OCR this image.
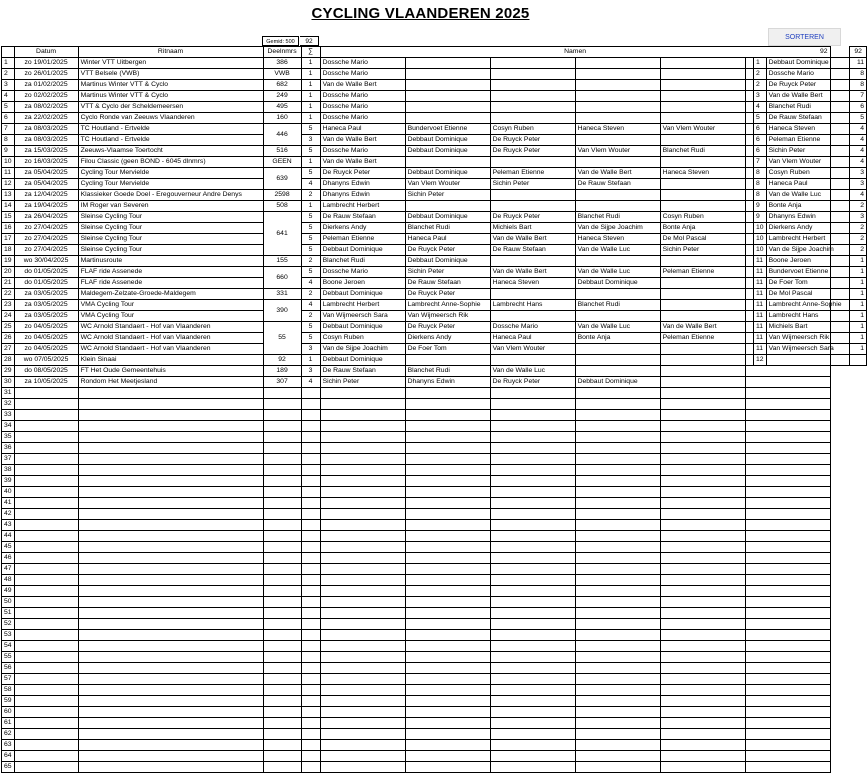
CYCLING VLAANDEREN 2025
Gemid: 500	92
SORTEREN
	Datum	Ritnaam	Deelnmrs	∑	Namen 92					

1	zo 19/01/2025	Winter VTT Uitbergen	386	1	Dossche Mario					
2	zo 26/01/2025	VTT Belsele (VWB)	VWB	1	Dossche Mario					
3	za 01/02/2025	Martinus Winter VTT & Cyclo	682	1	Van de Walle Bert					
4	zo 02/02/2025	Martinus Winter VTT & Cyclo	249	1	Dossche Mario					
5	za 08/02/2025	VTT & Cyclo der Scheldemeersen	495	1	Dossche Mario					
6	za 22/02/2025	Cyclo Ronde van Zeeuws Vlaanderen	160	1	Dossche Mario					
7	za 08/03/2025	TC Houtland - Ertvelde	446	5	Haneca Paul	Bundervoet Etienne	Cosyn Ruben	Haneca Steven	Van Vlem Wouter	
8	za 08/03/2025	TC Houtland - Ertvelde		3	Van de Walle Bert	Debbaut Dominique	De Ruyck Peter			
9	za 15/03/2025	Zeeuws-Vlaamse Toertocht	516	5	Dossche Mario	Debbaut Dominique	De Ruyck Peter	Van Vlem Wouter	Blanchet Rudi	
10	zo 16/03/2025	Filou Classic (geen BOND - 6045 dlnmrs)	GEEN	1	Van de Walle Bert					
11	za 05/04/2025	Cycling Tour Mervielde	639	5	De Ruyck Peter	Debbaut Dominique	Peleman Etienne	Van de Walle Bert	Haneca Steven	
12	za 05/04/2025	Cycling Tour Mervielde		4	Dhanyns Edwin	Van Vlem Wouter	Sichin Peter	De Rauw Stefaan		
13	za 12/04/2025	Klassieker Goede Doel - Eregouverneur Andre Denys	2598	2	Dhanyns Edwin	Sichin Peter				
14	za 19/04/2025	IM Roger van Severen	508	1	Lambrecht Herbert					
15	za 26/04/2025	Sleinse Cycling Tour	641	5	De Rauw Stefaan	Debbaut Dominique	De Ruyck Peter	Blanchet Rudi	Cosyn Ruben	
16	zo 27/04/2025	Sleinse Cycling Tour		5	Dierkens Andy	Blanchet Rudi	Michiels Bart	Van de Sijpe Joachim	Bonte Anja	
17	zo 27/04/2025	Sleinse Cycling Tour		5	Peleman Etienne	Haneca Paul	Van de Walle Bert	Haneca Steven	De Mol Pascal	
18	zo 27/04/2025	Sleinse Cycling Tour		5	Debbaut Dominique	De Ruyck Peter	De Rauw Stefaan	Van de Walle Luc	Sichin Peter	
19	wo 30/04/2025	Martinusroute	155	2	Blanchet Rudi	Debbaut Dominique				
20	do 01/05/2025	FLAF ride Assenede	660	5	Dossche Mario	Sichin Peter	Van de Walle Bert	Van de Walle Luc	Peleman Etienne	
21	do 01/05/2025	FLAF ride Assenede		4	Boone Jeroen	De Rauw Stefaan	Haneca Steven	Debbaut Dominique		
22	za 03/05/2025	Maldegem-Zelzate-Groede-Maldegem	331	2	Debbaut Dominique	De Ruyck Peter				
23	za 03/05/2025	VMA Cycling Tour	390	4	Lambrecht Herbert	Lambrecht Anne-Sophie	Lambrecht Hans	Blanchet Rudi		
24	za 03/05/2025	VMA Cycling Tour		2	Van Wijmeersch Sara	Van Wijmeersch Rik				
25	zo 04/05/2025	WC Arnold Standaert - Hof van Vlaanderen	55	5	Debbaut Dominique	De Ruyck Peter	Dossche Mario	Van de Walle Luc	Van de Walle Bert	
26	zo 04/05/2025	WC Arnold Standaert - Hof van Vlaanderen		5	Cosyn Ruben	Dierkens Andy	Haneca Paul	Bonte Anja	Peleman Etienne	
27	zo 04/05/2025	WC Arnold Standaert - Hof van Vlaanderen		3	Van de Sijpe Joachim	De Foer Tom	Van Vlem Wouter			
28	wo 07/05/2025	Klein Sinaai	92	1	Debbaut Dominique					
29	do 08/05/2025	FT Het Oude Gemeentehuis	189	3	De Rauw Stefaan	Blanchet Rudi	Van de Walle Luc			
30	za 10/05/2025	Rondom Het Meetjesland	307	4	Sichin Peter	Dhanyns Edwin	De Ruyck Peter	Debbaut Dominique		
31										
32										
33										
34										
35										
36										
37										
38										
39										
40										
41										
42										
43										
44										
45										
46										
47										
48										
49										
50										
51										
52										
53										
54										
55										
56										
57										
58										
59										
60										
61										
62										
63										
64										
65										
		92
1	Debbaut Dominique	11
2	Dossche Mario	8
2	De Ruyck Peter	8
3	Van de Walle Bert	7
4	Blanchet Rudi	6
5	De Rauw Stefaan	5
6	Haneca Steven	4
6	Peleman Etienne	4
6	Sichin Peter	4
7	Van Vlem Wouter	4
8	Cosyn Ruben	3
8	Haneca Paul	3
8	Van de Walle Luc	4
9	Bonte Anja	2
9	Dhanyns Edwin	3
10	Dierkens Andy	2
10	Lambrecht Herbert	2
10	Van de Sijpe Joachim	2
11	Boone Jeroen	1
11	Bundervoet Etienne	1
11	De Foer Tom	1
11	De Mol Pascal	1
11	Lambrecht Anne-Sophie	1
11	Lambrecht Hans	1
11	Michiels Bart	1
11	Van Wijmeersch Rik	1
11	Van Wijmeersch Sara	1
12		
